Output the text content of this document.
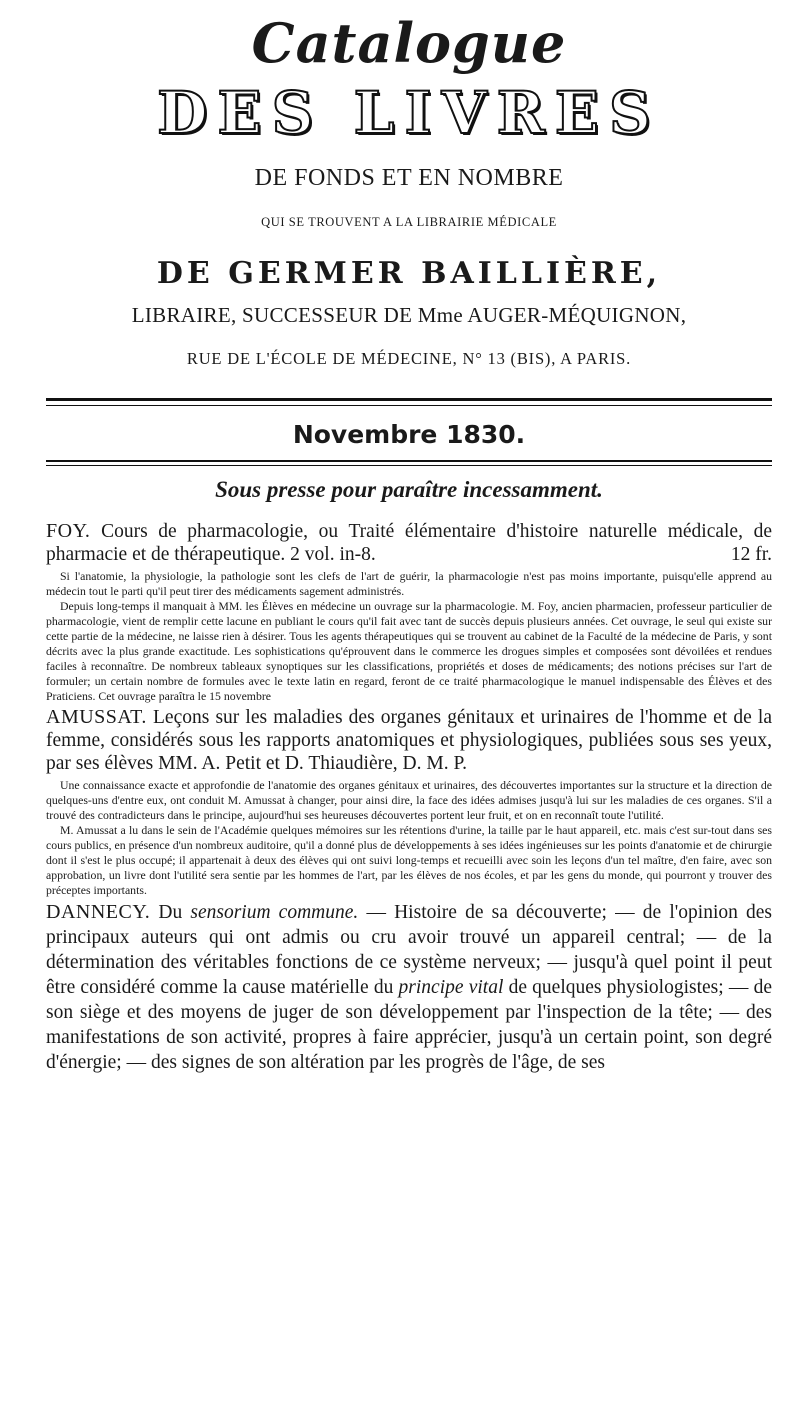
Catalogue
DES LIVRES
DE FONDS ET EN NOMBRE
QUI SE TROUVENT A LA LIBRAIRIE MÉDICALE
DE GERMER BAILLIÈRE,
LIBRAIRE, SUCCESSEUR DE Mme AUGER-MÉQUIGNON,
RUE DE L'ÉCOLE DE MÉDECINE, N° 13 (BIS), A PARIS.
Novembre 1830.
Sous presse pour paraître incessamment.

FOY. Cours de pharmacologie, ou Traité élémentaire d'histoire naturelle médicale, de pharmacie et de thérapeutique. 2 vol. in-8.	12 fr.

Si l'anatomie, la physiologie, la pathologie sont les clefs de l'art de guérir, la pharmacologie n'est pas moins importante, puisqu'elle apprend au médecin tout le parti qu'il peut tirer des médicaments sagement administrés.

Depuis long-temps il manquait à MM. les Élèves en médecine un ouvrage sur la pharmacologie. M. Foy, ancien pharmacien, professeur particulier de pharmacologie, vient de remplir cette lacune en publiant le cours qu'il fait avec tant de succès depuis plusieurs années. Cet ouvrage, le seul qui existe sur cette partie de la médecine, ne laisse rien à désirer. Tous les agents thérapeutiques qui se trouvent au cabinet de la Faculté de la médecine de Paris, y sont décrits avec la plus grande exactitude. Les sophistications qu'éprouvent dans le commerce les drogues simples et composées sont dévoilées et rendues faciles à reconnaître. De nombreux tableaux synoptiques sur les classifications, propriétés et doses de médicaments; des notions précises sur l'art de formuler; un certain nombre de formules avec le texte latin en regard, feront de ce traité pharmacologique le manuel indispensable des Élèves et des Praticiens. Cet ouvrage paraîtra le 15 novembre

AMUSSAT. Leçons sur les maladies des organes génitaux et urinaires de l'homme et de la femme, considérés sous les rapports anatomiques et physiologiques, publiées sous ses yeux, par ses élèves MM. A. Petit et D. Thiaudière, D. M. P.

Une connaissance exacte et approfondie de l'anatomie des organes génitaux et urinaires, des découvertes importantes sur la structure et la direction de quelques-uns d'entre eux, ont conduit M. Amussat à changer, pour ainsi dire, la face des idées admises jusqu'à lui sur les maladies de ces organes. S'il a trouvé des contradicteurs dans le principe, aujourd'hui ses heureuses découvertes portent leur fruit, et on en reconnaît toute l'utilité.

M. Amussat a lu dans le sein de l'Académie quelques mémoires sur les rétentions d'urine, la taille par le haut appareil, etc. mais c'est sur-tout dans ses cours publics, en présence d'un nombreux auditoire, qu'il a donné plus de développements à ses idées ingénieuses sur les points d'anatomie et de chirurgie dont il s'est le plus occupé; il appartenait à deux des élèves qui ont suivi long-temps et recueilli avec soin les leçons d'un tel maître, d'en faire, avec son approbation, un livre dont l'utilité sera sentie par les hommes de l'art, par les élèves de nos écoles, et par les gens du monde, qui pourront y trouver des préceptes importants.

DANNECY. Du sensorium commune. — Histoire de sa découverte; — de l'opinion des principaux auteurs qui ont admis ou cru avoir trouvé un appareil central; — de la détermination des véritables fonctions de ce système nerveux; — jusqu'à quel point il peut être considéré comme la cause matérielle du principe vital de quelques physiologistes; — de son siège et des moyens de juger de son développement par l'inspection de la tête; — des manifestations de son activité, propres à faire apprécier, jusqu'à un certain point, son degré d'énergie; — des signes de son altération par les progrès de l'âge, de ses
